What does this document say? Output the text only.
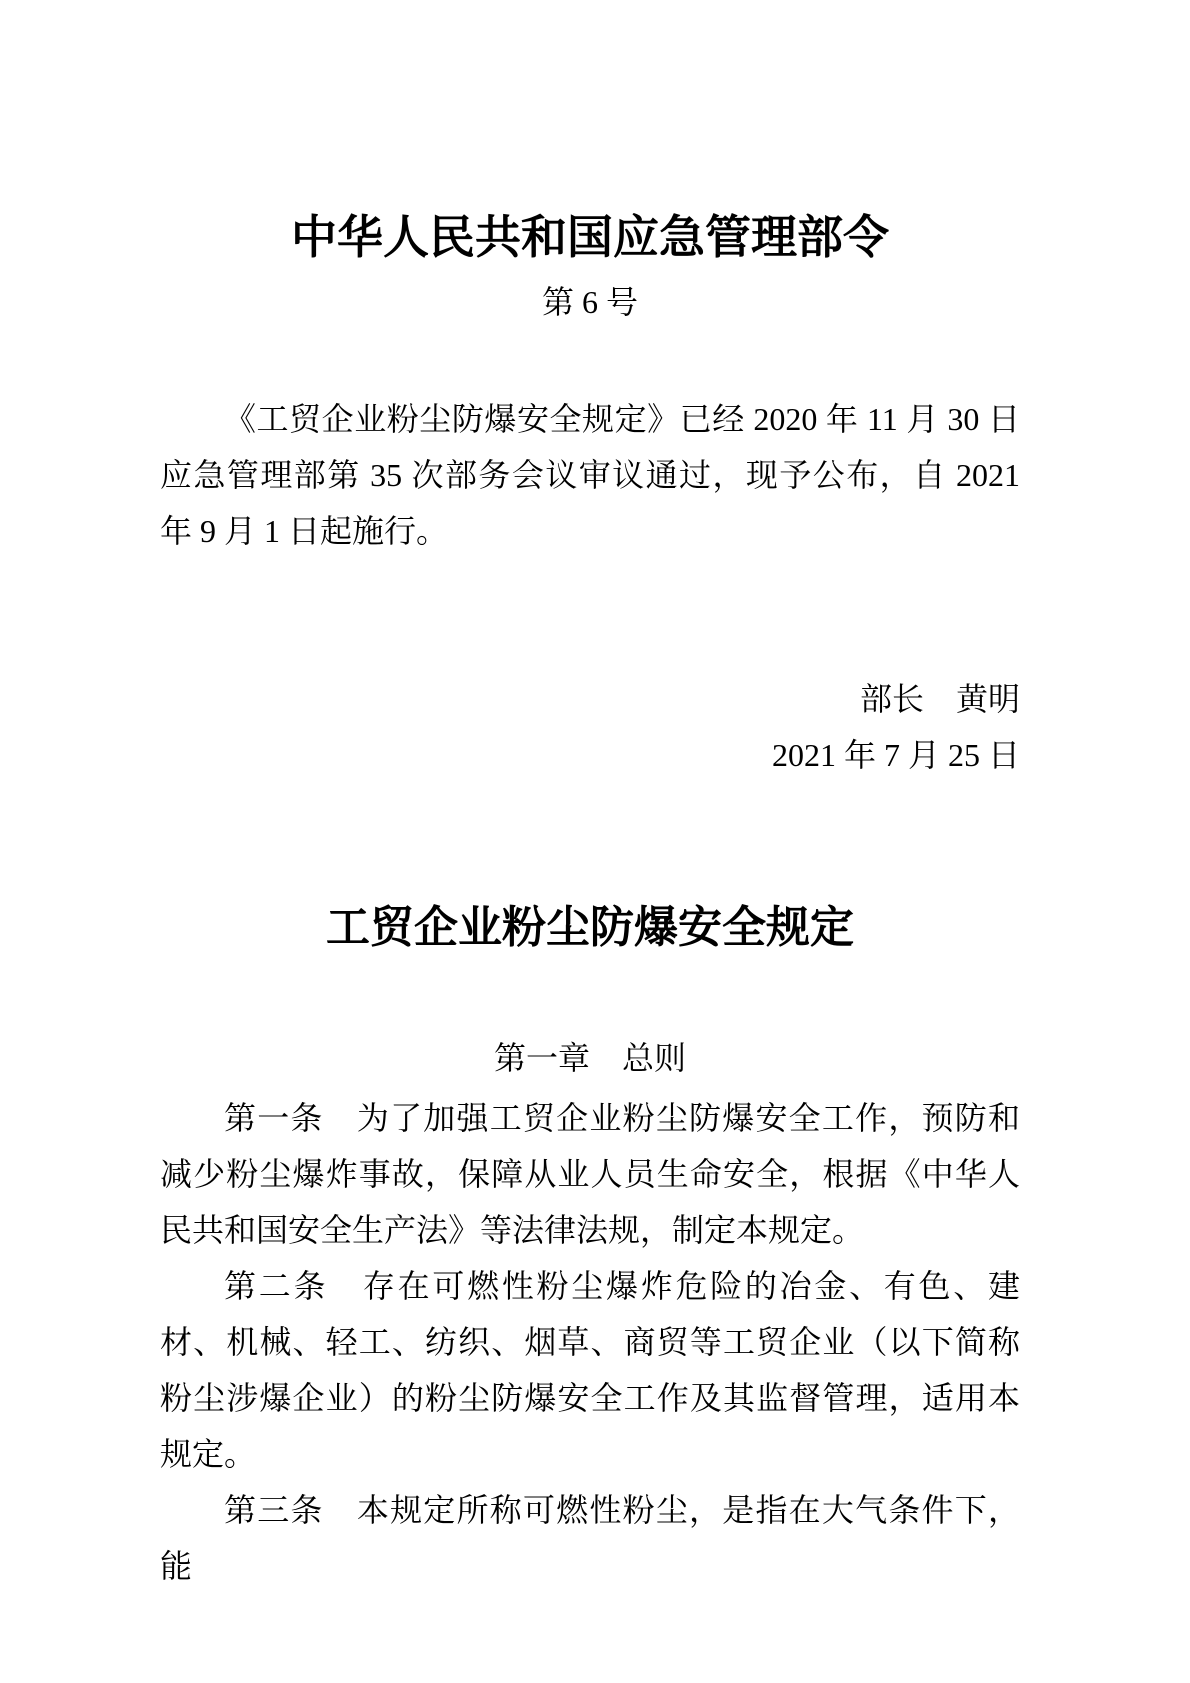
中华人民共和国应急管理部令
第 6 号

《工贸企业粉尘防爆安全规定》已经 2020 年 11 月 30 日应急管理部第 35 次部务会议审议通过，现予公布，自 2021 年 9 月 1 日起施行。

部长　黄明
2021 年 7 月 25 日
工贸企业粉尘防爆安全规定
第一章　总则

第一条　为了加强工贸企业粉尘防爆安全工作，预防和减少粉尘爆炸事故，保障从业人员生命安全，根据《中华人民共和国安全生产法》等法律法规，制定本规定。

第二条　存在可燃性粉尘爆炸危险的冶金、有色、建材、机械、轻工、纺织、烟草、商贸等工贸企业（以下简称粉尘涉爆企业）的粉尘防爆安全工作及其监督管理，适用本规定。

第三条　本规定所称可燃性粉尘，是指在大气条件下，能
